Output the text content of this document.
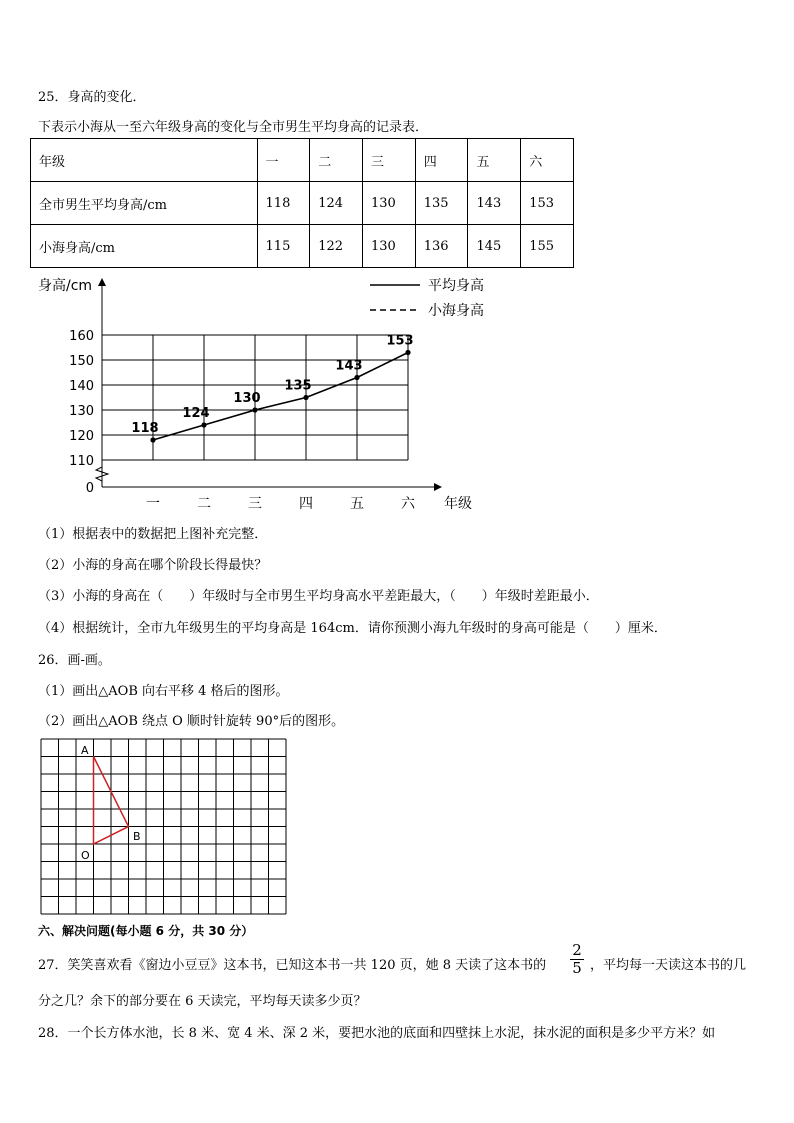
25．身高的变化．
下表示小海从一至六年级身高的变化与全市男生平均身高的记录表．
年级	一	二	三	四	五	六
全市男生平均身高/cm	118	124	130	135	143	153
小海身高/cm	115	122	130	136	145	155
身高/cm
年级
0
110
120
130
140
150
160
一	二	三	四	五	六
118
124
130
135
143
153
平均身高
小海身高
（1）根据表中的数据把上图补充完整．
（2）小海的身高在哪个阶段长得最快？
（3）小海的身高在（　　）年级时与全市男生平均身高水平差距最大，（　　）年级时差距最小．
（4）根据统计，全市九年级男生的平均身高是 164cm．请你预测小海九年级时的身高可能是（　　）厘米．
26．画-画。
（1）画出△AOB 向右平移 4 格后的图形。
（2）画出△AOB 绕点 O 顺时针旋转 90°后的图形。
A
O
B
六、解决问题(每小题 6 分，共 30 分）
27．笑笑喜欢看《窗边小豆豆》这本书，已知这本书一共 120 页，她 8 天读了这本书的 $\frac{2}{5}$ ，平均每一天读这本书的几
分之几？余下的部分要在 6 天读完，平均每天读多少页？
28．一个长方体水池，长 8 米、宽 4 米、深 2 米，要把水池的底面和四壁抹上水泥，抹水泥的面积是多少平方米？如
